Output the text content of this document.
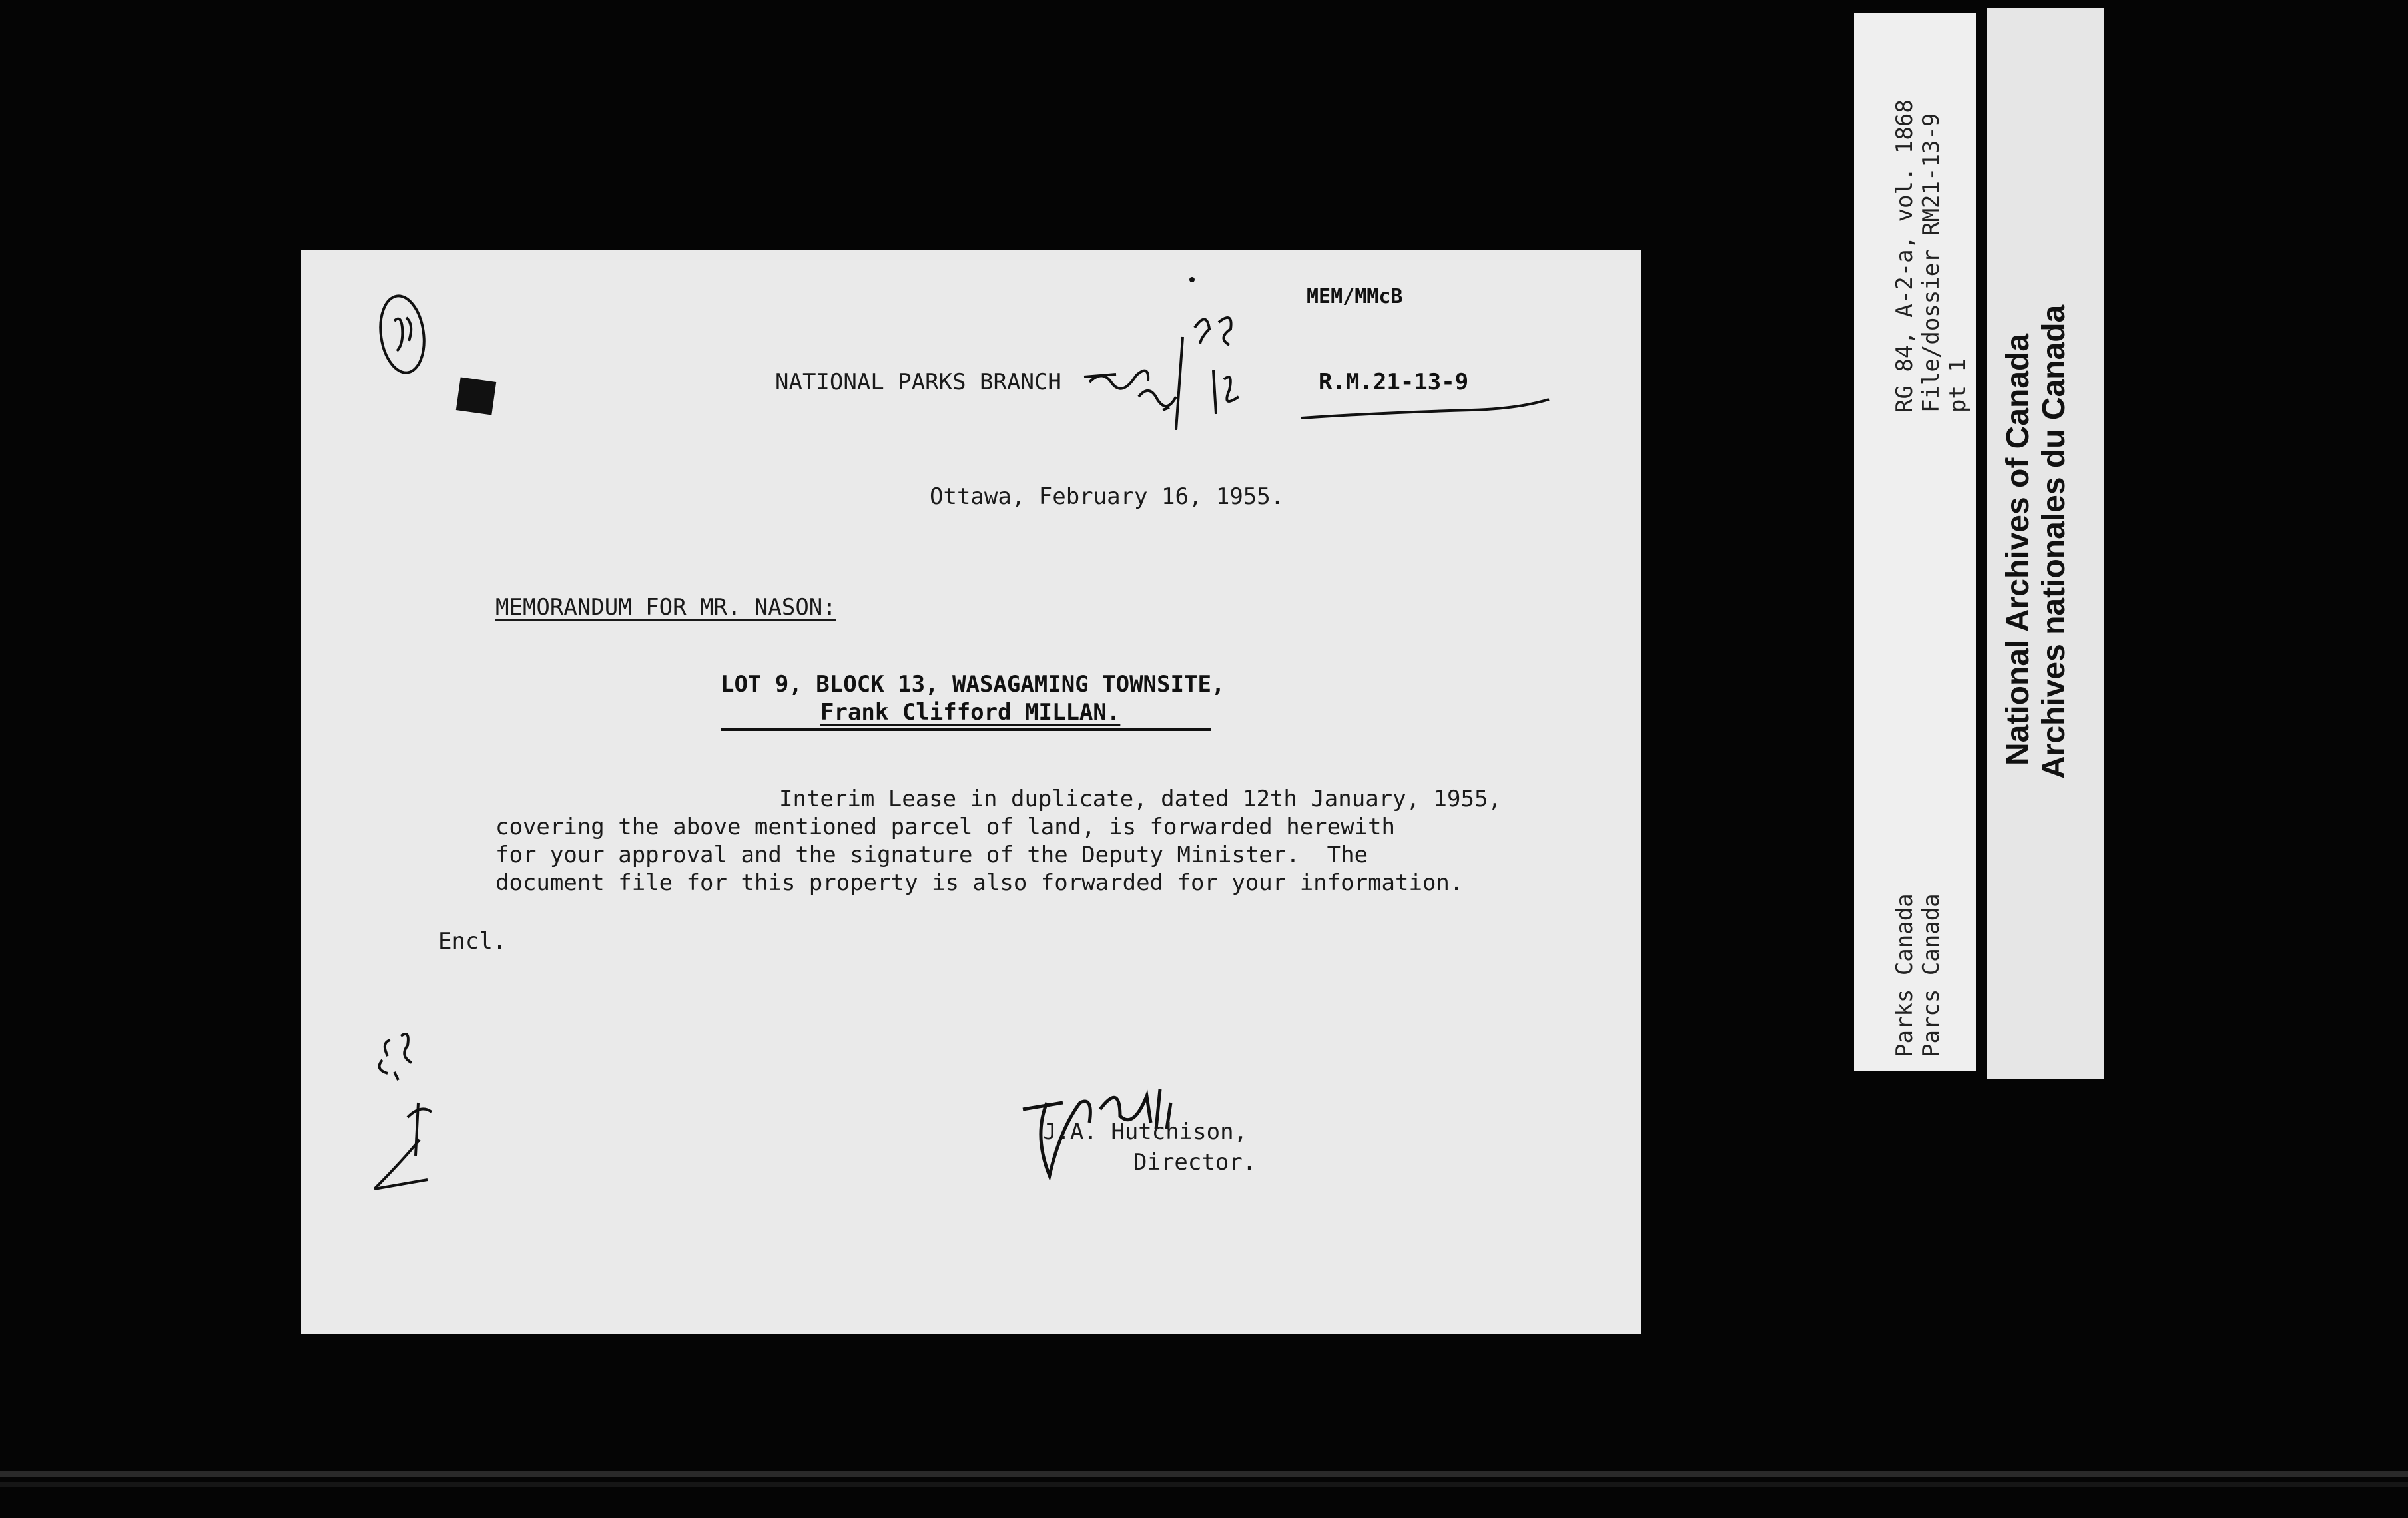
MEM/MMcB
NATIONAL PARKS BRANCH	R.M.21-13-9
Ottawa, February 16, 1955.
MEMORANDUM FOR MR. NASON:
LOT 9, BLOCK 13, WASAGAMING TOWNSITE,
Frank Clifford MILLAN.
Interim Lease in duplicate, dated 12th January, 1955,
covering the above mentioned parcel of land, is forwarded herewith
for your approval and the signature of the Deputy Minister.  The
document file for this property is also forwarded for your information.
Encl.
J.A. Hutchison,
Director.
RG 84, A-2-a, vol. 1868 File/dossier RM21-13-9 pt 1
Parks Canada Parcs Canada
National Archives of Canada Archives nationales du Canada
